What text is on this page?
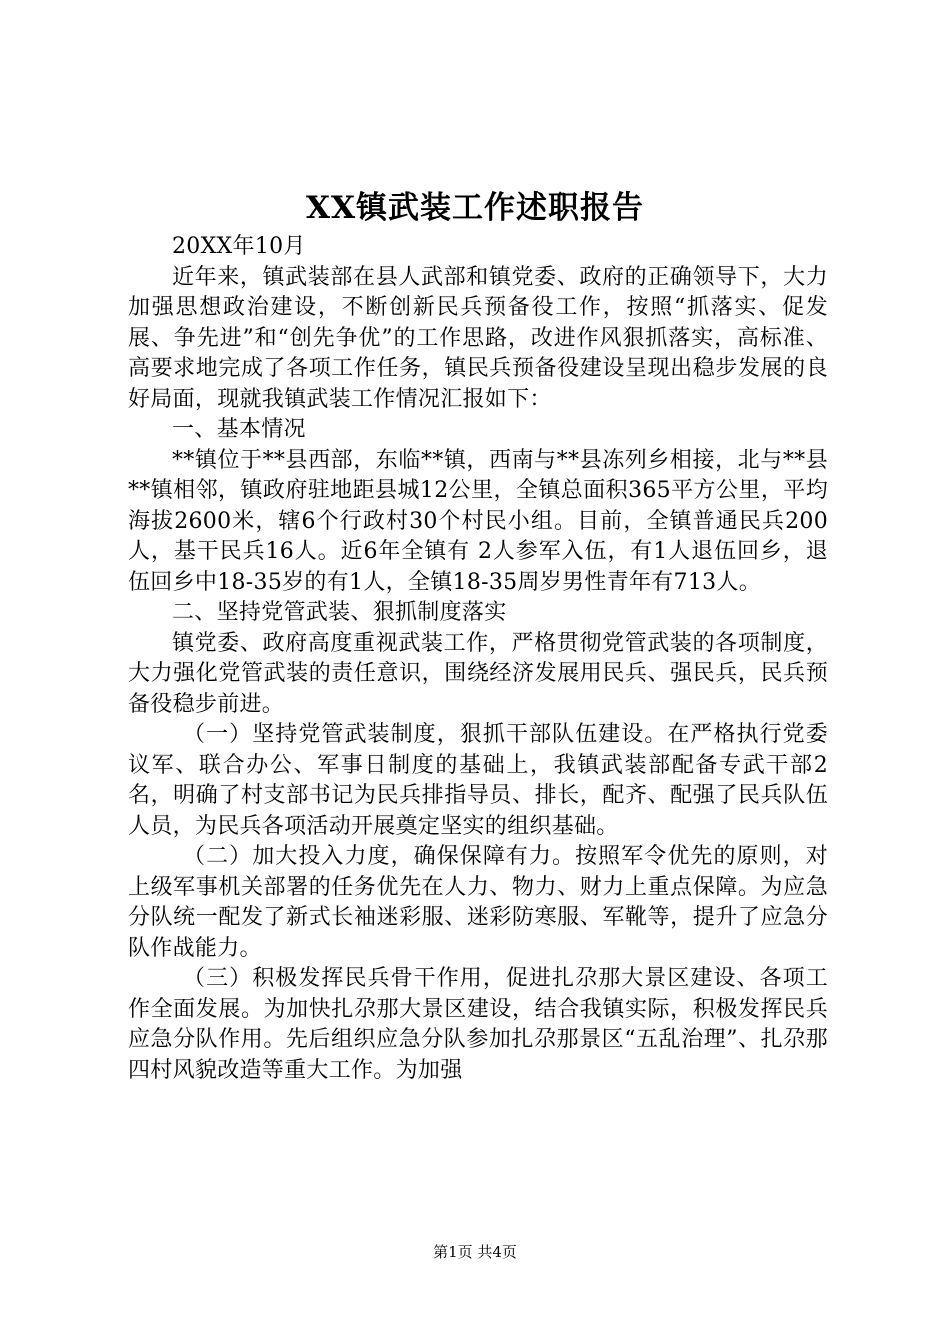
XX镇武装工作述职报告

20XX年10月

近年来，镇武装部在县人武部和镇党委、政府的正确领导下，大力加强思想政治建设，不断创新民兵预备役工作，按照“抓落实、促发展、争先进”和“创先争优”的工作思路，改进作风狠抓落实，高标准、高要求地完成了各项工作任务，镇民兵预备役建设呈现出稳步发展的良好局面，现就我镇武装工作情况汇报如下：

一、基本情况

**镇位于**县西部，东临**镇，西南与**县冻列乡相接，北与**县**镇相邻，镇政府驻地距县城12公里，全镇总面积365平方公里，平均海拔2600米，辖6个行政村30个村民小组。目前，全镇普通民兵200人，基干民兵16人。近6年全镇有 2人参军入伍，有1人退伍回乡，退伍回乡中18-35岁的有1人，全镇18-35周岁男性青年有713人。

二、坚持党管武装、狠抓制度落实

镇党委、政府高度重视武装工作，严格贯彻党管武装的各项制度，大力强化党管武装的责任意识，围绕经济发展用民兵、强民兵，民兵预备役稳步前进。

（一）坚持党管武装制度，狠抓干部队伍建设。在严格执行党委议军、联合办公、军事日制度的基础上，我镇武装部配备专武干部2名，明确了村支部书记为民兵排指导员、排长，配齐、配强了民兵队伍人员，为民兵各项活动开展奠定坚实的组织基础。

（二）加大投入力度，确保保障有力。按照军令优先的原则，对上级军事机关部署的任务优先在人力、物力、财力上重点保障。为应急分队统一配发了新式长袖迷彩服、迷彩防寒服、军靴等，提升了应急分队作战能力。

（三）积极发挥民兵骨干作用，促进扎尕那大景区建设、各项工作全面发展。为加快扎尕那大景区建设，结合我镇实际，积极发挥民兵应急分队作用。先后组织应急分队参加扎尕那景区“五乱治理”、扎尕那四村风貌改造等重大工作。为加强

第1页 共4页
